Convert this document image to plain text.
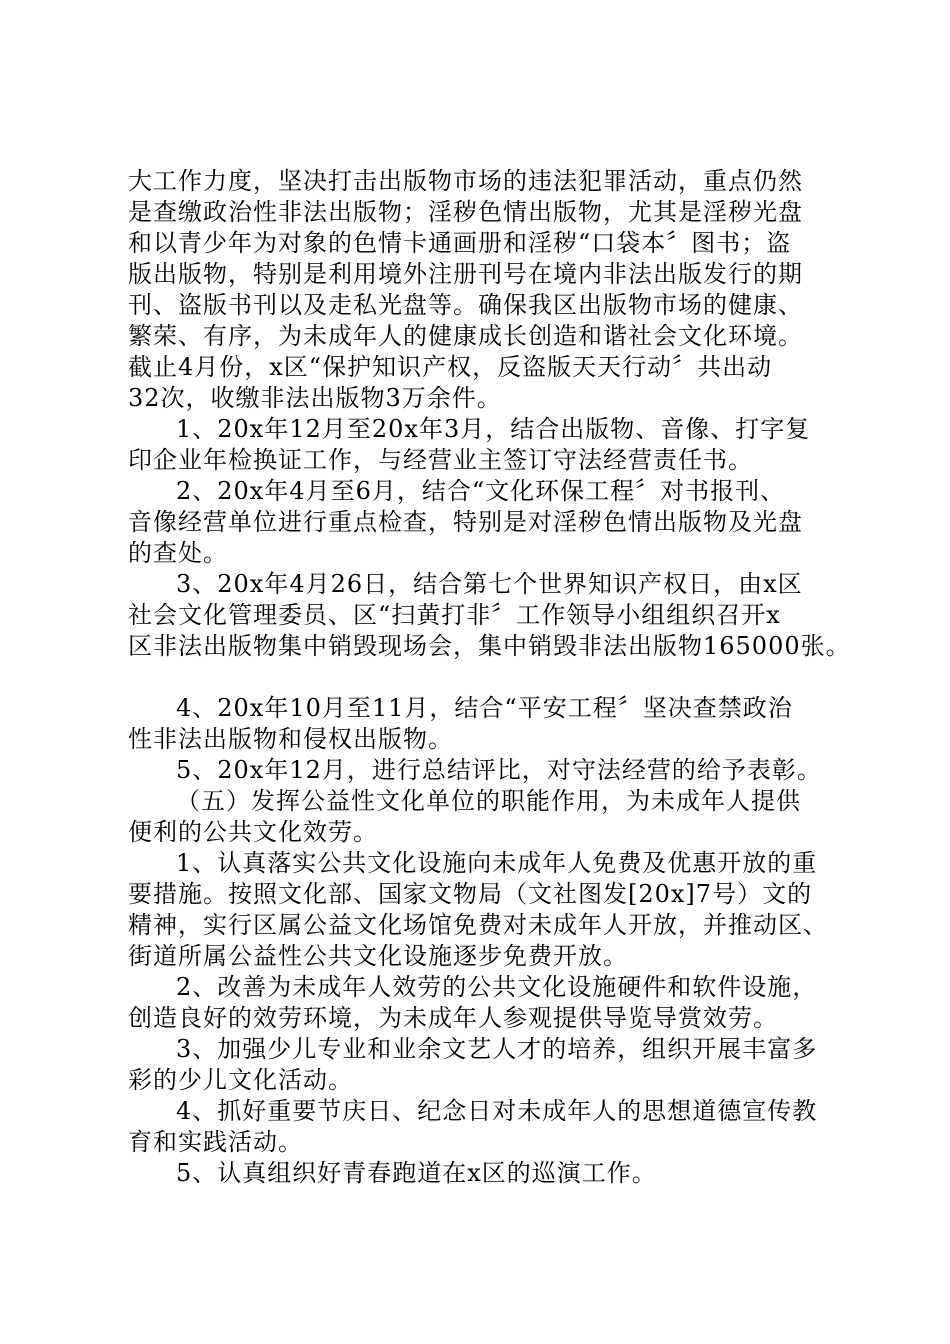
大工作力度，坚决打击出版物市场的违法犯罪活动，重点仍然
是查缴政治性非法出版物；淫秽色情出版物，尤其是淫秽光盘
和以青少年为对象的色情卡通画册和淫秽“口袋本〞图书；盗
版出版物，特别是利用境外注册刊号在境内非法出版发行的期
刊、盗版书刊以及走私光盘等。确保我区出版物市场的健康、
繁荣、有序，为未成年人的健康成长创造和谐社会文化环境。
截止4月份，x区“保护知识产权，反盗版天天行动〞共出动
32次，收缴非法出版物3万余件。
1、20x年12月至20x年3月，结合出版物、音像、打字复
印企业年检换证工作，与经营业主签订守法经营责任书。
2、20x年4月至6月，结合“文化环保工程〞对书报刊、
音像经营单位进行重点检查，特别是对淫秽色情出版物及光盘
的查处。
3、20x年4月26日，结合第七个世界知识产权日，由x区
社会文化管理委员、区“扫黄打非〞工作领导小组组织召开x
区非法出版物集中销毁现场会，集中销毁非法出版物165000张。
4、20x年10月至11月，结合“平安工程〞坚决查禁政治
性非法出版物和侵权出版物。
5、20x年12月，进行总结评比，对守法经营的给予表彰。
（五）发挥公益性文化单位的职能作用，为未成年人提供
便利的公共文化效劳。
1、认真落实公共文化设施向未成年人免费及优惠开放的重
要措施。按照文化部、国家文物局（文社图发[20x]7号）文的
精神，实行区属公益文化场馆免费对未成年人开放，并推动区、
街道所属公益性公共文化设施逐步免费开放。
2、改善为未成年人效劳的公共文化设施硬件和软件设施，
创造良好的效劳环境，为未成年人参观提供导览导赏效劳。
3、加强少儿专业和业余文艺人才的培养，组织开展丰富多
彩的少儿文化活动。
4、抓好重要节庆日、纪念日对未成年人的思想道德宣传教
育和实践活动。
5、认真组织好青春跑道在x区的巡演工作。
